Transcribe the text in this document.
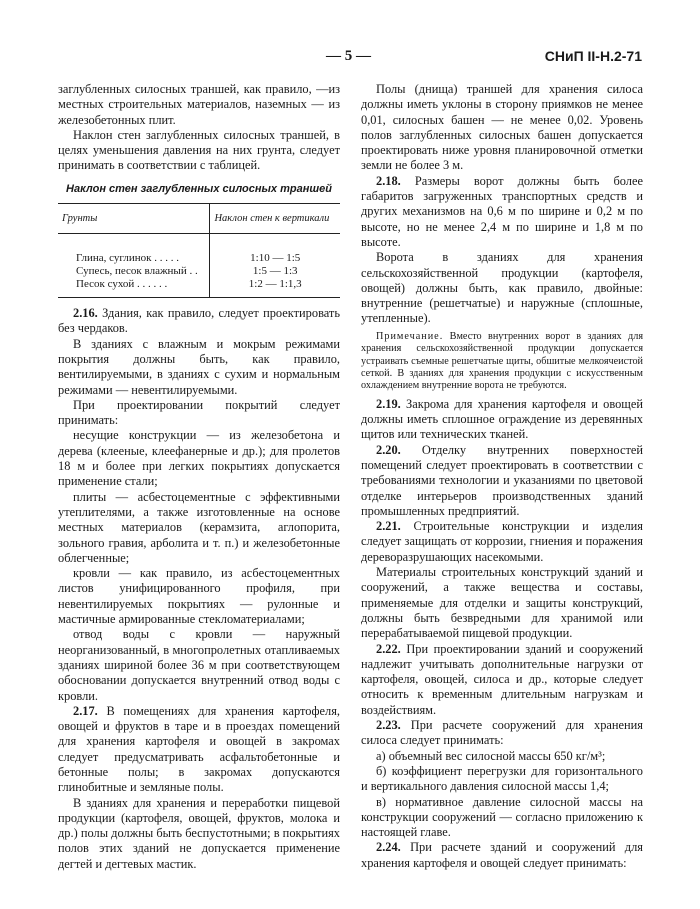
— 5 —	СНиП II-Н.2-71

заглубленных силосных траншей, как правило, —из местных строительных материалов, наземных — из железобетонных плит.

Наклон стен заглубленных силосных траншей, в целях уменьшения давления на них грунта, следует принимать в соответствии с таблицей.

Наклон стен заглубленных силосных траншей
Грунты	Наклон стен к вертикали
Глина, суглинок . . . . .	1:10 — 1:5
Супесь, песок влажный . .	1:5 — 1:3
Песок сухой . . . . . .	1:2 — 1:1,3

2.16. Здания, как правило, следует проектировать без чердаков.

В зданиях с влажным и мокрым режимами покрытия должны быть, как правило, вентилируемыми, в зданиях с сухим и нормальным режимами — невентилируемыми.

При проектировании покрытий следует принимать:

несущие конструкции — из железобетона и дерева (клееные, клеефанерные и др.); для пролетов 18 м и более при легких покрытиях допускается применение стали;

плиты — асбестоцементные с эффективными утеплителями, а также изготовленные на основе местных материалов (керамзита, аглопорита, зольного гравия, арболита и т. п.) и железобетонные облегченные;

кровли — как правило, из асбестоцементных листов унифицированного профиля, при невентилируемых покрытиях — рулонные и мастичные армированные стекломатериалами;

отвод воды с кровли — наружный неорганизованный, в многопролетных отапливаемых зданиях шириной более 36 м при соответствующем обосновании допускается внутренний отвод воды с кровли.

2.17. В помещениях для хранения картофеля, овощей и фруктов в таре и в проездах помещений для хранения картофеля и овощей в закромах следует предусматривать асфальтобетонные и бетонные полы; в закромах допускаются глинобитные и земляные полы.

В зданиях для хранения и переработки пищевой продукции (картофеля, овощей, фруктов, молока и др.) полы должны быть беспустотными; в покрытиях полов этих зданий не допускается применение дегтей и дегтевых мастик.

Полы (днища) траншей для хранения силоса должны иметь уклоны в сторону приямков не менее 0,01, силосных башен — не менее 0,02. Уровень полов заглубленных силосных башен допускается проектировать ниже уровня планировочной отметки земли не более 3 м.

2.18. Размеры ворот должны быть более габаритов загруженных транспортных средств и других механизмов на 0,6 м по ширине и 0,2 м по высоте, но не менее 2,4 м по ширине и 1,8 м по высоте.

Ворота в зданиях для хранения сельскохозяйственной продукции (картофеля, овощей) должны быть, как правило, двойные: внутренние (решетчатые) и наружные (сплошные, утепленные).

Примечание. Вместо внутренних ворот в зданиях для хранения сельскохозяйственной продукции допускается устраивать съемные решетчатые щиты, обшитые мелкоячеистой сеткой. В зданиях для хранения продукции с искусственным охлаждением внутренние ворота не требуются.

2.19. Закрома для хранения картофеля и овощей должны иметь сплошное ограждение из деревянных щитов или технических тканей.

2.20. Отделку внутренних поверхностей помещений следует проектировать в соответствии с требованиями технологии и указаниями по цветовой отделке интерьеров производственных зданий промышленных предприятий.

2.21. Строительные конструкции и изделия следует защищать от коррозии, гниения и поражения дереворазрушающих насекомыми.

Материалы строительных конструкций зданий и сооружений, а также вещества и составы, применяемые для отделки и защиты конструкций, должны быть безвредными для хранимой или перерабатываемой пищевой продукции.

2.22. При проектировании зданий и сооружений надлежит учитывать дополнительные нагрузки от картофеля, овощей, силоса и др., которые следует относить к временным длительным нагрузкам и воздействиям.

2.23. При расчете сооружений для хранения силоса следует принимать:

а) объемный вес силосной массы 650 кг/м³;

б) коэффициент перегрузки для горизонтального и вертикального давления силосной массы 1,4;

в) нормативное давление силосной массы на конструкции сооружений — согласно приложению к настоящей главе.

2.24. При расчете зданий и сооружений для хранения картофеля и овощей следует принимать:
